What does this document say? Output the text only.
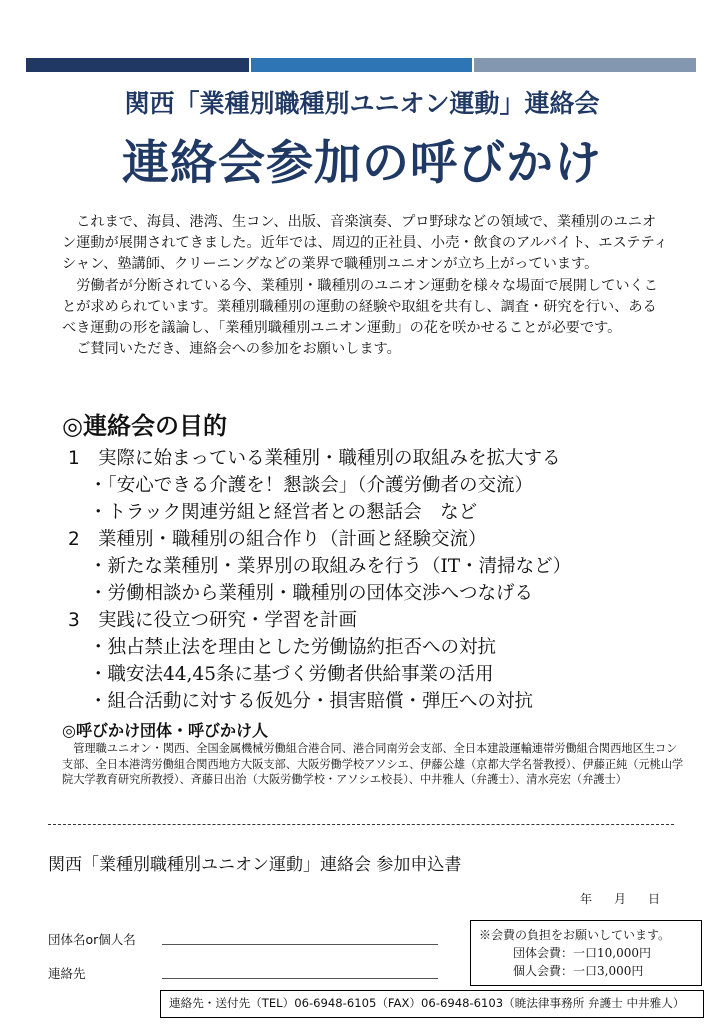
関西「業種別職種別ユニオン運動」連絡会
連絡会参加の呼びかけ

これまで、海員、港湾、生コン、出版、音楽演奏、プロ野球などの領域で、業種別のユニオン運動が展開されてきました。近年では、周辺的正社員、小売・飲食のアルバイト、エステティシャン、塾講師、クリーニングなどの業界で職種別ユニオンが立ち上がっています。

労働者が分断されている今、業種別・職種別のユニオン運動を様々な場面で展開していくことが求められています。業種別職種別の運動の経験や取組を共有し、調査・研究を行い、あるべき運動の形を議論し、「業種別職種別ユニオン運動」の花を咲かせることが必要です。

ご賛同いただき、連絡会への参加をお願いします。

◎連絡会の目的
1 実際に始まっている業種別・職種別の取組みを拡大する
・「安心できる介護を！懇談会」（介護労働者の交流）
・トラック関連労組と経営者との懇話会　など
2 業種別・職種別の組合作り（計画と経験交流）
・新たな業種別・業界別の取組みを行う（IT・清掃など）
・労働相談から業種別・職種別の団体交渉へつなげる
3 実践に役立つ研究・学習を計画
・独占禁止法を理由とした労働協約拒否への対抗
・職安法44,45条に基づく労働者供給事業の活用
・組合活動に対する仮処分・損害賠償・弾圧への対抗
◎呼びかけ団体・呼びかけ人
管理職ユニオン・関西、全国金属機械労働組合港合同、港合同南労会支部、全日本建設運輸連帯労働組合関西地区生コン支部、全日本港湾労働組合関西地方大阪支部、大阪労働学校アソシエ、伊藤公雄（京都大学名誉教授）、伊藤正純（元桃山学院大学教育研究所教授）、斉藤日出治（大阪労働学校・アソシエ校長）、中井雅人（弁護士）、清水亮宏（弁護士）
関西「業種別職種別ユニオン運動」連絡会 参加申込書
年 月 日
団体名or個人名
連絡先
※会費の負担をお願いしています。
団体会費：一口10,000円
個人会費：一口3,000円
連絡先・送付先（TEL）06-6948-6105（FAX）06-6948-6103（暁法律事務所 弁護士 中井雅人）
